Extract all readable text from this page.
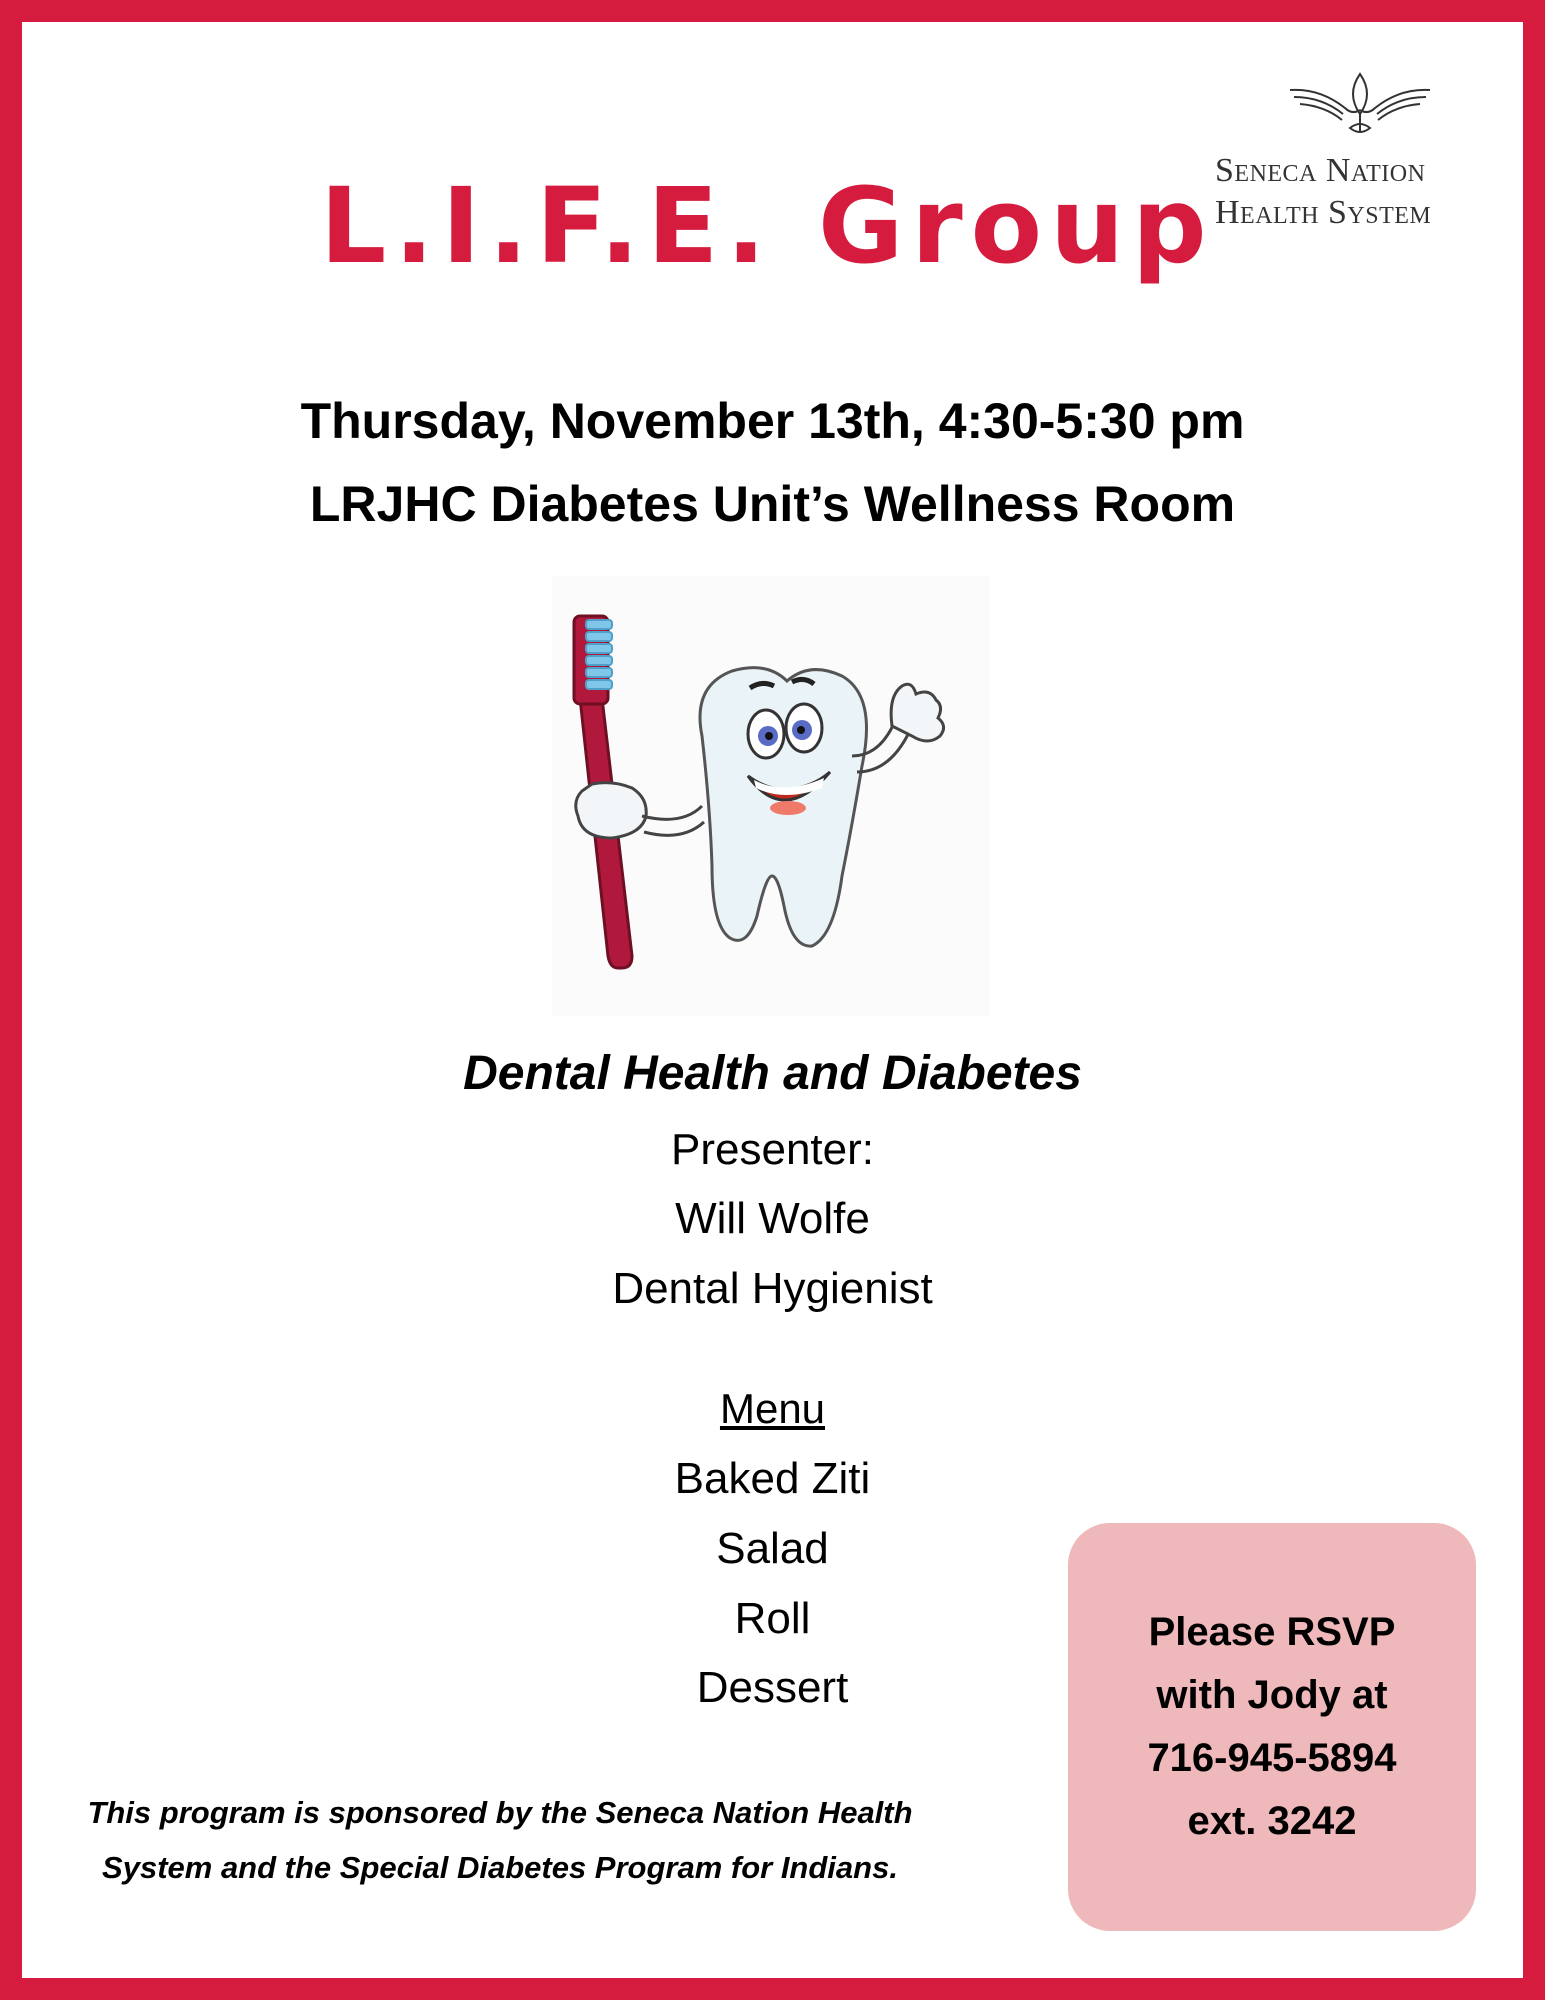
L.I.F.E. Group Seneca Nation
Health System
Thursday, November 13th, 4:30-5:30 pm
LRJHC Diabetes Unit’s Wellness Room
Dental Health and Diabetes
Presenter:
Will Wolfe
Dental Hygienist
Menu
Baked Ziti
Salad
Roll
Dessert
This program is sponsored by the Seneca Nation Health
System and the Special Diabetes Program for Indians.
Please RSVP
with Jody at
716-945-5894
ext. 3242
